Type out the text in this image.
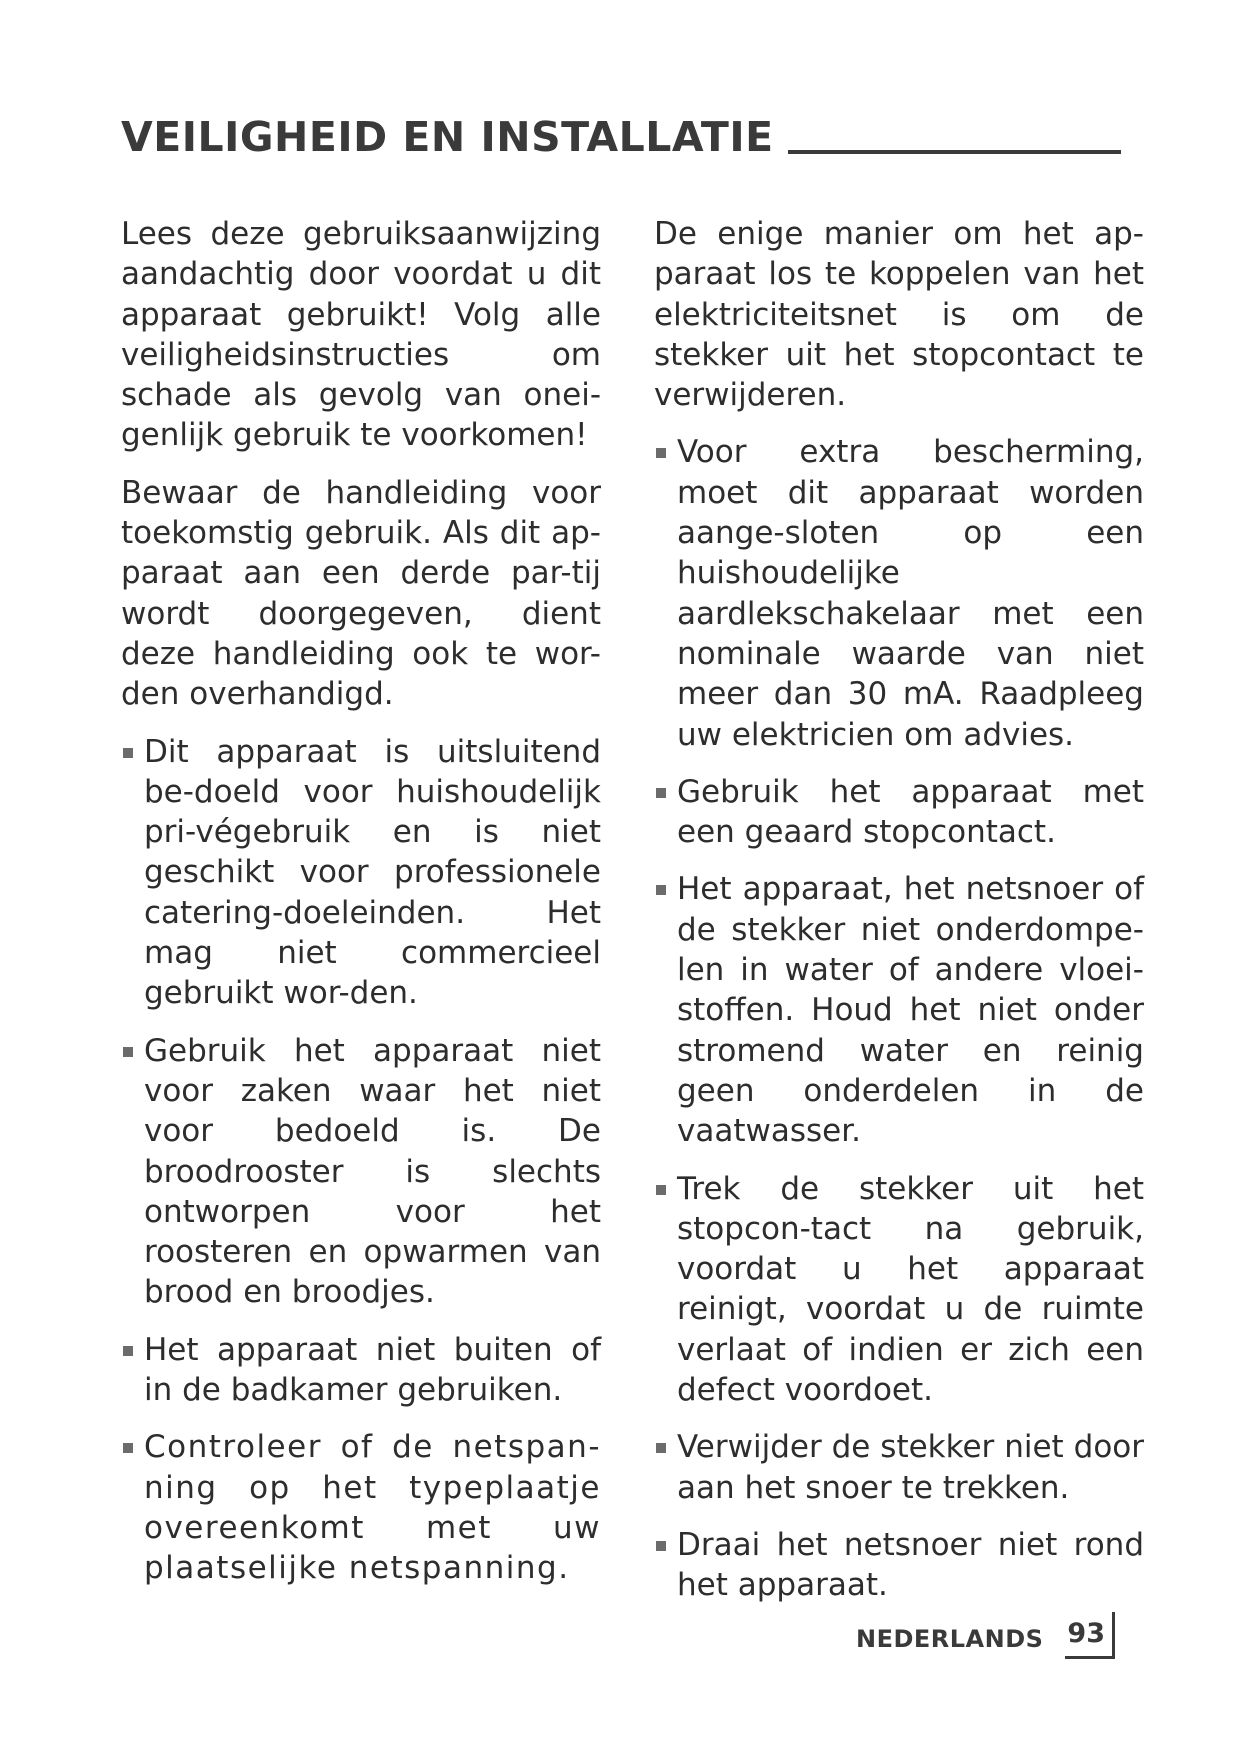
VEILIGHEID EN INSTALLATIE

Lees deze gebruiksaanwijzing aandachtig door voordat u dit apparaat gebruikt! Volg alle veiligheidsinstructies om schade als gevolg van onei-genlijk gebruik te voorkomen!

Bewaar de handleiding voor toekomstig gebruik. Als dit ap-paraat aan een derde par-tij wordt doorgegeven, dient deze handleiding ook te wor-den overhandigd.

Dit apparaat is uitsluitend be-doeld voor huishoudelijk pri-végebruik en is niet geschikt voor professionele catering-doeleinden. Het mag niet commercieel gebruikt wor-den.
Gebruik het apparaat niet voor zaken waar het niet voor bedoeld is. De broodrooster is slechts ontworpen voor het roosteren en opwarmen van brood en broodjes.
Het apparaat niet buiten of in de badkamer gebruiken.
Controleer of de netspan-ning op het typeplaatje overeenkomt met uw plaatselijke netspanning.

De enige manier om het ap-paraat los te koppelen van het elektriciteitsnet is om de stekker uit het stopcontact te verwijderen.

Voor extra bescherming, moet dit apparaat worden aange-sloten op een huishoudelijke aardlekschakelaar met een nominale waarde van niet meer dan 30 mA. Raadpleeg uw elektricien om advies.
Gebruik het apparaat met een geaard stopcontact.
Het apparaat, het netsnoer of de stekker niet onderdompe-len in water of andere vloei-stoffen. Houd het niet onder stromend water en reinig geen onderdelen in de vaatwasser.
Trek de stekker uit het stopcon-tact na gebruik, voordat u het apparaat reinigt, voordat u de ruimte verlaat of indien er zich een defect voordoet.
Verwijder de stekker niet door aan het snoer te trekken.
Draai het netsnoer niet rond het apparaat.
NEDERLANDS 93
